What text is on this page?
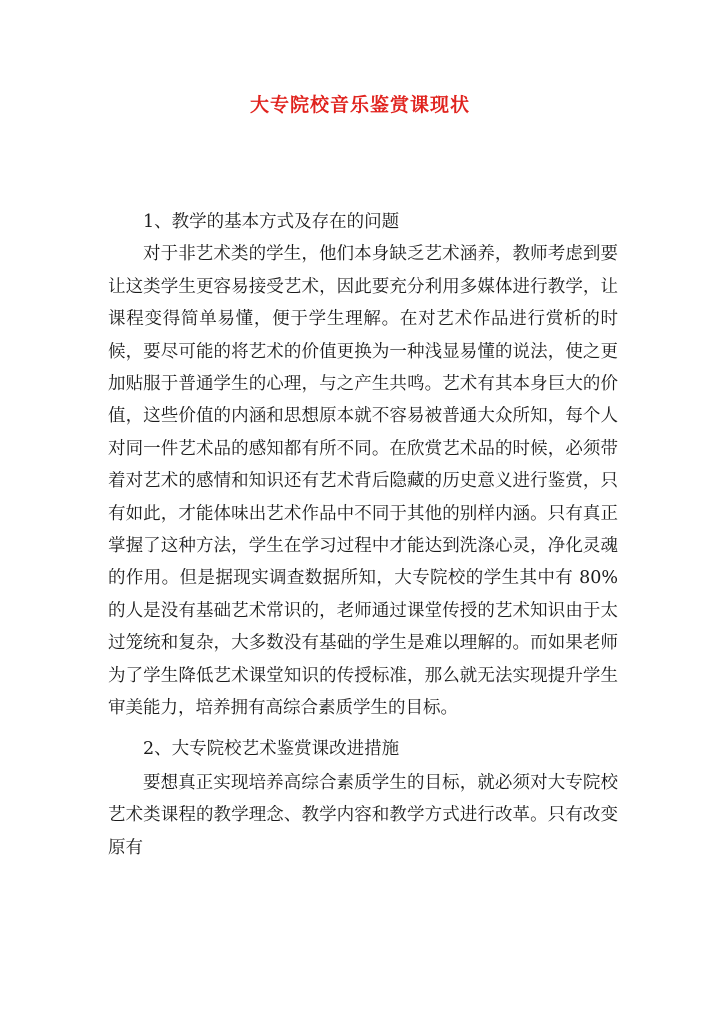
大专院校音乐鉴赏课现状

1、教学的基本方式及存在的问题

对于非艺术类的学生，他们本身缺乏艺术涵养，教师考虑到要让这类学生更容易接受艺术，因此要充分利用多媒体进行教学，让课程变得简单易懂，便于学生理解。在对艺术作品进行赏析的时候，要尽可能的将艺术的价值更换为一种浅显易懂的说法，使之更加贴服于普通学生的心理，与之产生共鸣。艺术有其本身巨大的价值，这些价值的内涵和思想原本就不容易被普通大众所知，每个人对同一件艺术品的感知都有所不同。在欣赏艺术品的时候，必须带着对艺术的感情和知识还有艺术背后隐藏的历史意义进行鉴赏，只有如此，才能体味出艺术作品中不同于其他的别样内涵。只有真正掌握了这种方法，学生在学习过程中才能达到洗涤心灵，净化灵魂的作用。但是据现实调查数据所知，大专院校的学生其中有 80%的人是没有基础艺术常识的，老师通过课堂传授的艺术知识由于太过笼统和复杂，大多数没有基础的学生是难以理解的。而如果老师为了学生降低艺术课堂知识的传授标准，那么就无法实现提升学生审美能力，培养拥有高综合素质学生的目标。

2、大专院校艺术鉴赏课改进措施

要想真正实现培养高综合素质学生的目标，就必须对大专院校艺术类课程的教学理念、教学内容和教学方式进行改革。只有改变原有
